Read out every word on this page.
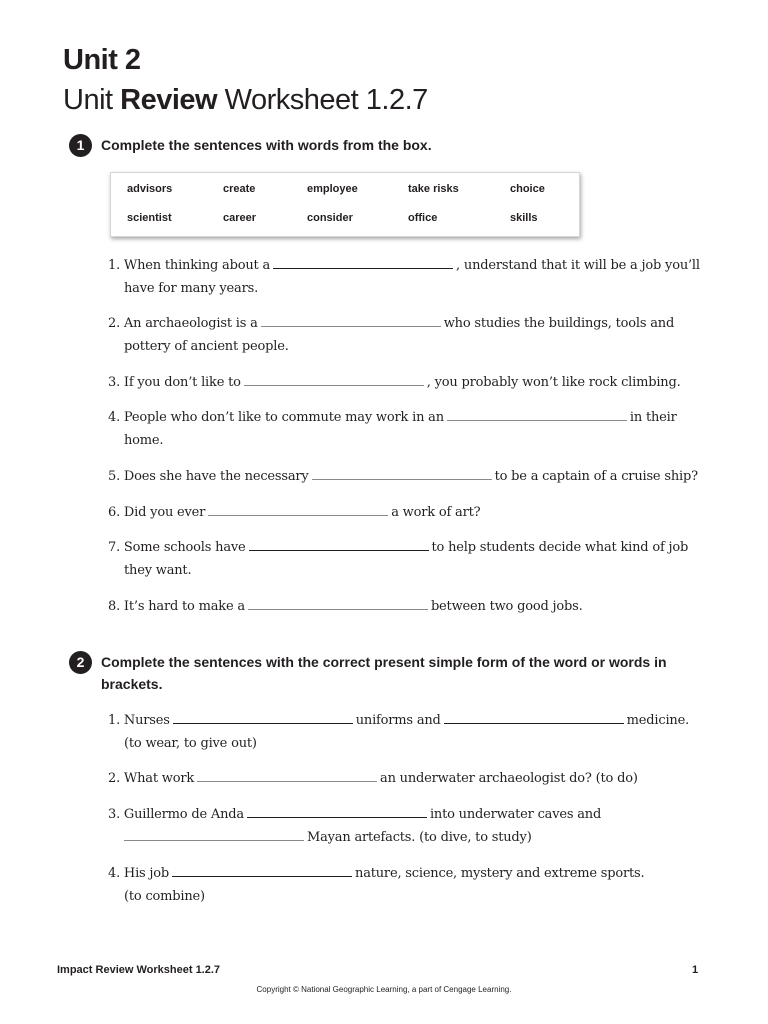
Unit 2
Unit Review Worksheet 1.2.7
1	Complete the sentences with words from the box.
advisors	create	employee	take risks	choice
scientist	career	consider	office	skills
1. When thinking about a	, understand that it will be a job you’ll
have for many years.
2. An archaeologist is a	who studies the buildings, tools and
pottery of ancient people.
3. If you don’t like to	, you probably won’t like rock climbing.
4. People who don’t like to commute may work in an	in their
home.
5. Does she have the necessary	to be a captain of a cruise ship?
6. Did you ever	a work of art?
7. Some schools have	to help students decide what kind of job
they want.
8. It’s hard to make a	between two good jobs.
2	Complete the sentences with the correct present simple form of the word or words in
brackets.
1. Nurses	uniforms and	medicine.
(to wear, to give out)
2. What work	an underwater archaeologist do? (to do)
3. Guillermo de Anda	into underwater caves and
Mayan artefacts. (to dive, to study)
4. His job	nature, science, mystery and extreme sports.
(to combine)
Impact Review Worksheet 1.2.7	1
Copyright © National Geographic Learning, a part of Cengage Learning.
